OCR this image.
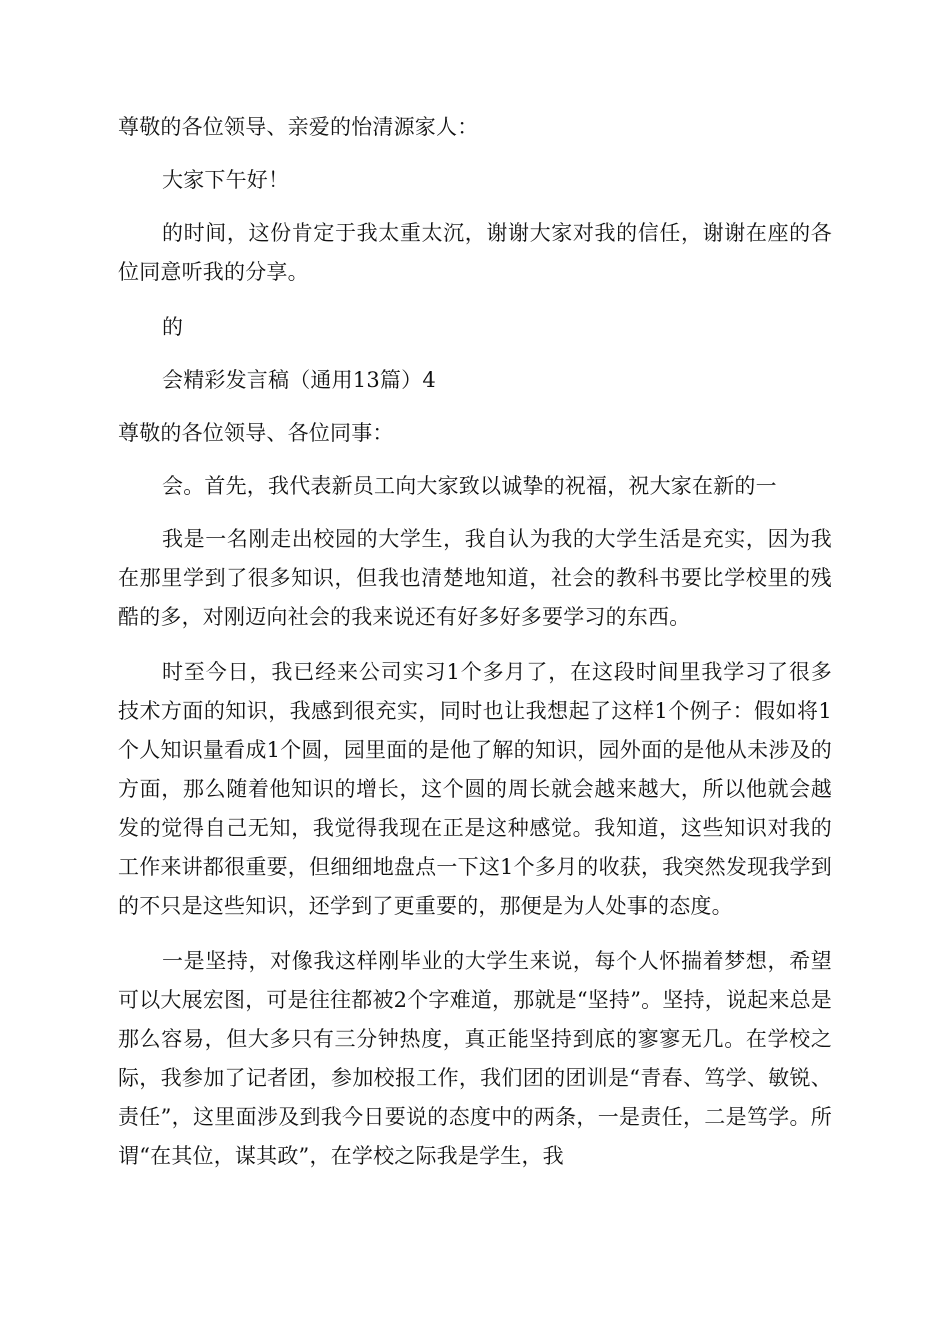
尊敬的各位领导、亲爱的怡清源家人：

大家下午好！

的时间，这份肯定于我太重太沉，谢谢大家对我的信任，谢谢在座的各位同意听我的分享。

的

会精彩发言稿（通用13篇）4

尊敬的各位领导、各位同事：

会。首先，我代表新员工向大家致以诚挚的祝福，祝大家在新的一

我是一名刚走出校园的大学生，我自认为我的大学生活是充实，因为我在那里学到了很多知识，但我也清楚地知道，社会的教科书要比学校里的残酷的多，对刚迈向社会的我来说还有好多好多要学习的东西。

时至今日，我已经来公司实习1个多月了，在这段时间里我学习了很多技术方面的知识，我感到很充实，同时也让我想起了这样1个例子：假如将1个人知识量看成1个圆，园里面的是他了解的知识，园外面的是他从未涉及的方面，那么随着他知识的增长，这个圆的周长就会越来越大，所以他就会越发的觉得自己无知，我觉得我现在正是这种感觉。我知道，这些知识对我的工作来讲都很重要，但细细地盘点一下这1个多月的收获，我突然发现我学到的不只是这些知识，还学到了更重要的，那便是为人处事的态度。

一是坚持，对像我这样刚毕业的大学生来说，每个人怀揣着梦想，希望可以大展宏图，可是往往都被2个字难道，那就是“坚持”。坚持，说起来总是那么容易，但大多只有三分钟热度，真正能坚持到底的寥寥无几。在学校之际，我参加了记者团，参加校报工作，我们团的团训是“青春、笃学、敏锐、责任”，这里面涉及到我今日要说的态度中的两条，一是责任，二是笃学。所谓“在其位，谋其政”，在学校之际我是学生，我
